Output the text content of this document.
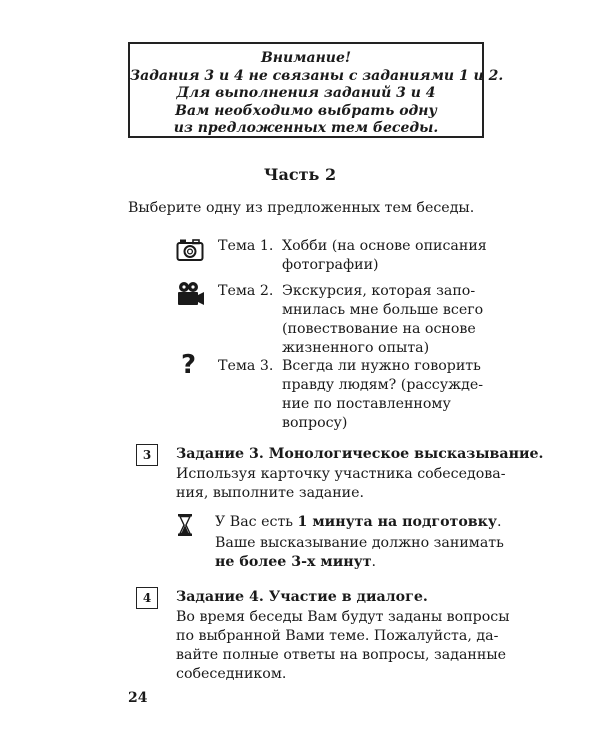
Внимание!
Задания 3 и 4 не связаны с заданиями 1 и 2.
Для выполнения заданий 3 и 4
Вам необходимо выбрать одну
из предложенных тем беседы.
Часть 2
Выберите одну из предложенных тем беседы.
Тема 1. Хобби (на основе описания
фотографии)
Тема 2. Экскурсия, которая запо-
мнилась мне больше всего
(повествование на основе
жизненного опыта)
? Тема 3. Всегда ли нужно говорить
правду людям? (рассужде-
ние по поставленному
вопросу)
3	Задание 3. Монологическое высказывание.
Используя карточку участника собеседова-
ния, выполните задание.
У Вас есть 1 минута на подготовку.
Ваше высказывание должно занимать
не более 3-х минут.
4	Задание 4. Участие в диалоге.
Во время беседы Вам будут заданы вопросы
по выбранной Вами теме. Пожалуйста, да-
вайте полные ответы на вопросы, заданные
собеседником.
24
